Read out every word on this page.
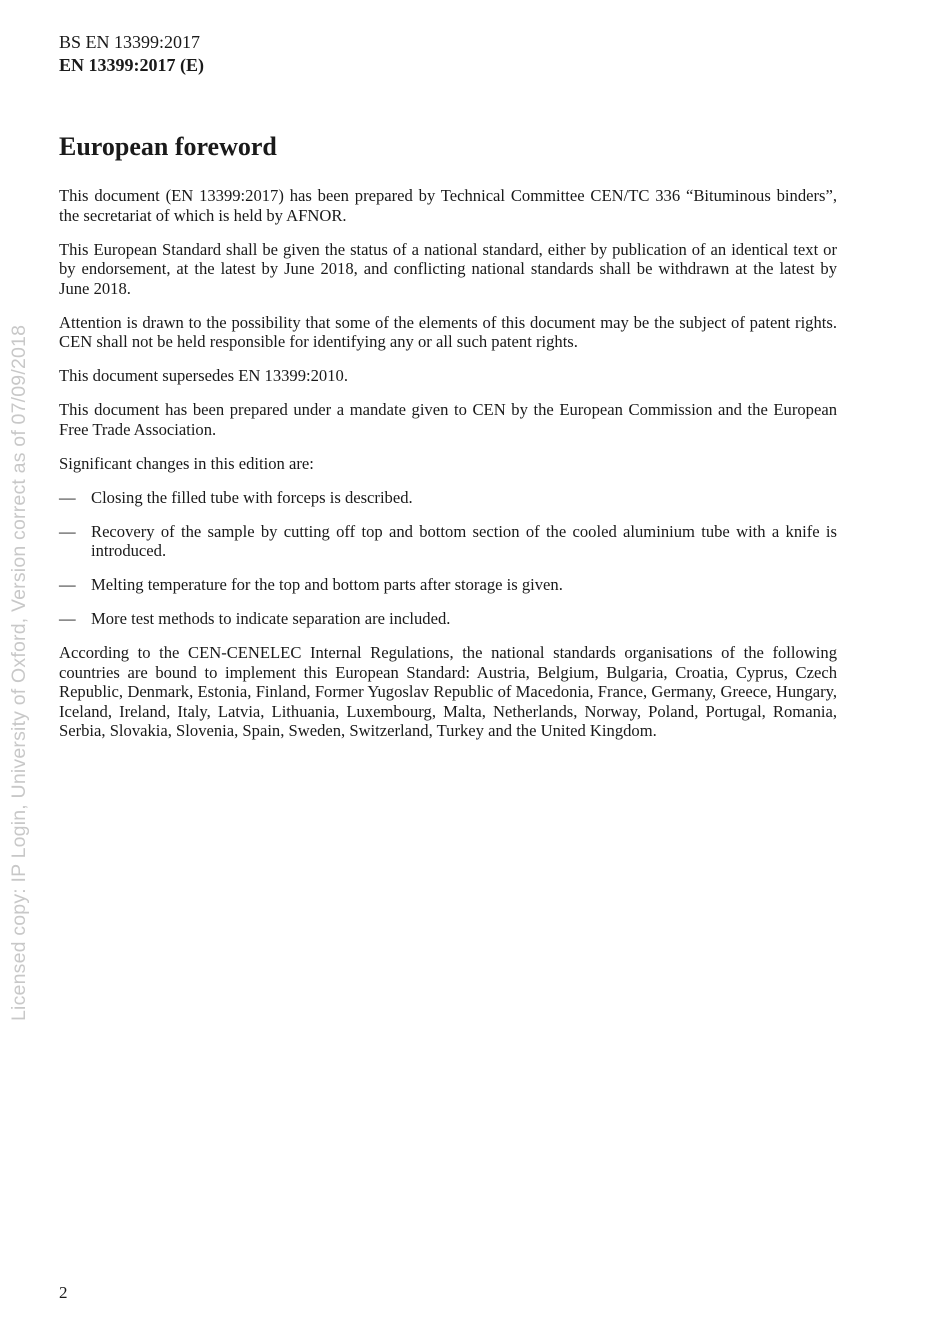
BS EN 13399:2017
EN 13399:2017 (E)
European foreword

This document (EN 13399:2017) has been prepared by Technical Committee CEN/TC 336 “Bituminous binders”, the secretariat of which is held by AFNOR.

This European Standard shall be given the status of a national standard, either by publication of an identical text or by endorsement, at the latest by June 2018, and conflicting national standards shall be withdrawn at the latest by June 2018.

Attention is drawn to the possibility that some of the elements of this document may be the subject of patent rights. CEN shall not be held responsible for identifying any or all such patent rights.

This document supersedes EN 13399:2010.

This document has been prepared under a mandate given to CEN by the European Commission and the European Free Trade Association.

Significant changes in this edition are:

— Closing the filled tube with forceps is described.
— Recovery of the sample by cutting off top and bottom section of the cooled aluminium tube with a knife is introduced.
— Melting temperature for the top and bottom parts after storage is given.
— More test methods to indicate separation are included.

According to the CEN-CENELEC Internal Regulations, the national standards organisations of the following countries are bound to implement this European Standard: Austria, Belgium, Bulgaria, Croatia, Cyprus, Czech Republic, Denmark, Estonia, Finland, Former Yugoslav Republic of Macedonia, France, Germany, Greece, Hungary, Iceland, Ireland, Italy, Latvia, Lithuania, Luxembourg, Malta, Netherlands, Norway, Poland, Portugal, Romania, Serbia, Slovakia, Slovenia, Spain, Sweden, Switzerland, Turkey and the United Kingdom.

Licensed copy: IP Login, University of Oxford, Version correct as of 07/09/2018
2
